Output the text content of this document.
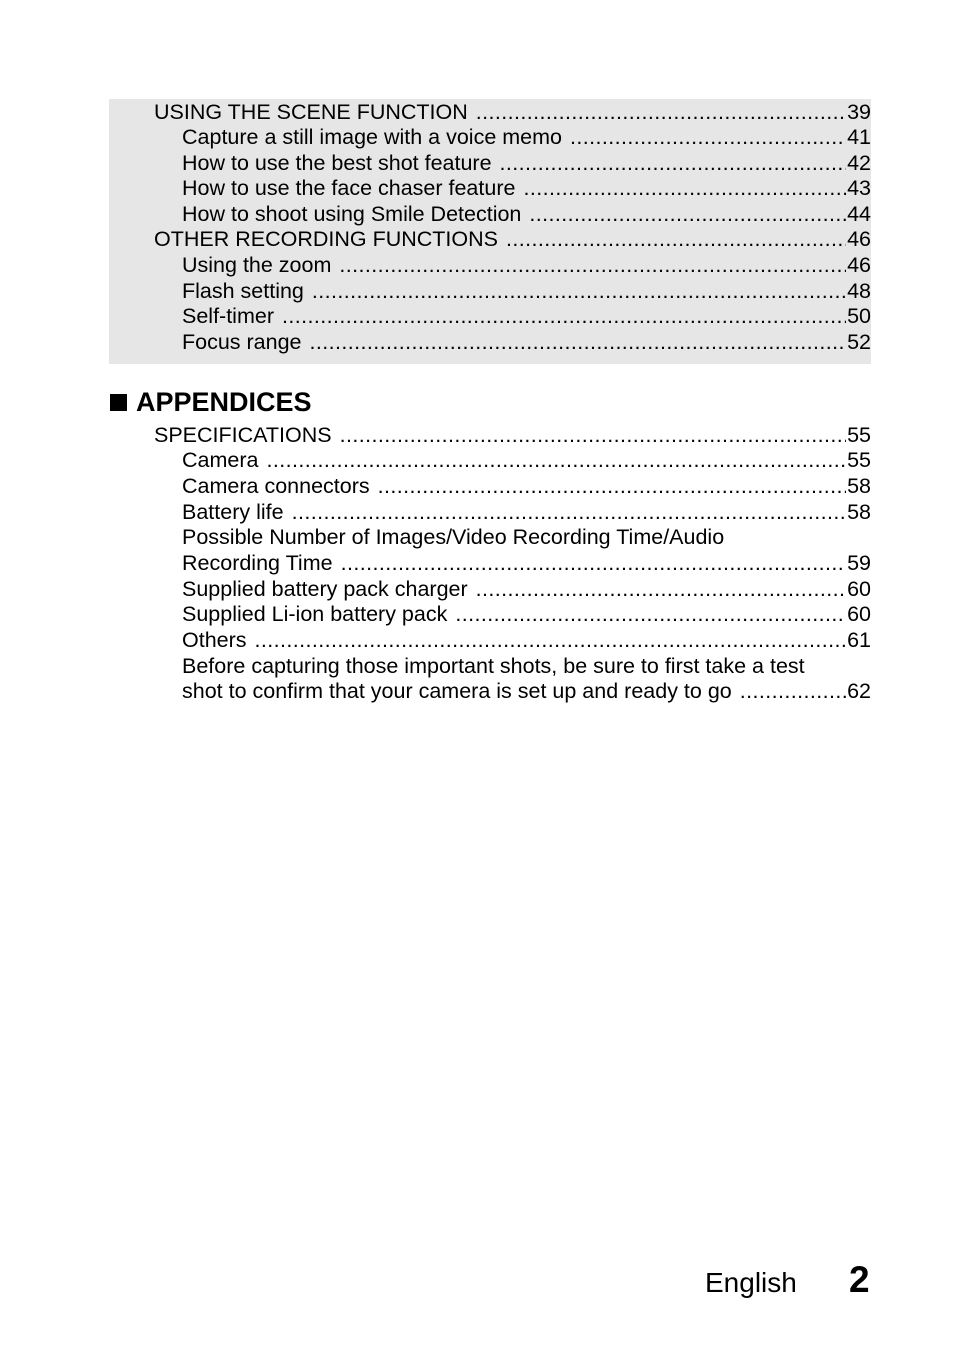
USING THE SCENE FUNCTION .....	39
Capture a still image with a voice memo .....	41
How to use the best shot feature .....	42
How to use the face chaser feature .....	43
How to shoot using Smile Detection .....	44
OTHER RECORDING FUNCTIONS .....	46
Using the zoom .....	46
Flash setting .....	48
Self-timer .....	50
Focus range .....	52
APPENDICES
SPECIFICATIONS .....	55
Camera .....	55
Camera connectors .....	58
Battery life .....	58
Possible Number of Images/Video Recording Time/Audio
Recording Time .....	59
Supplied battery pack charger .....	60
Supplied Li-ion battery pack .....	60
Others .....	61
Before capturing those important shots, be sure to first take a test
shot to confirm that your camera is set up and ready to go .....	62
English 2
